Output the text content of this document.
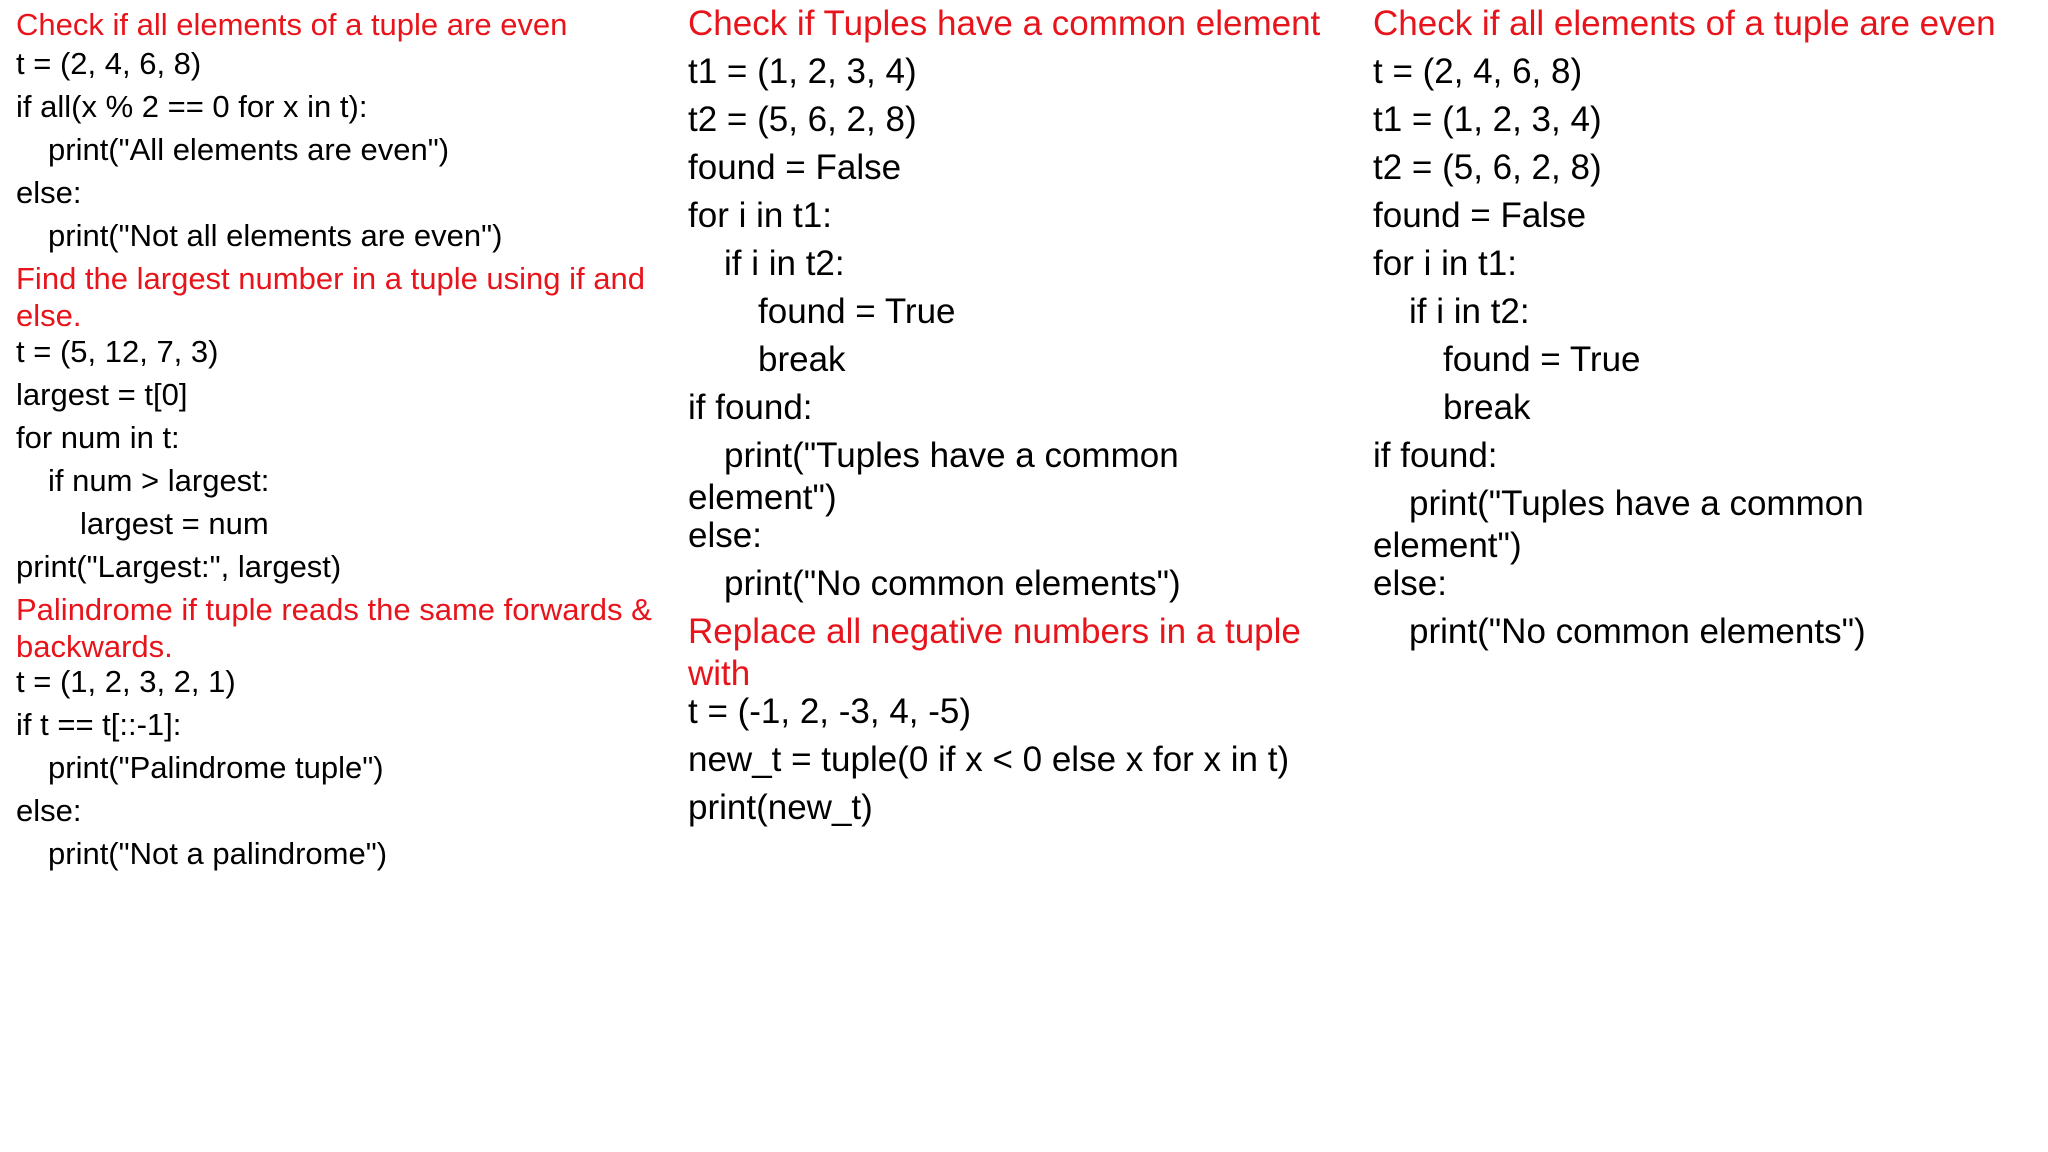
Check if all elements of a tuple are even
t = (2, 4, 6, 8)
if all(x % 2 == 0 for x in t):
print("All elements are even")
else:
print("Not all elements are even")
Find the largest number in a tuple using if and else.
t = (5, 12, 7, 3)
largest = t[0]
for num in t:
if num > largest:
largest = num
print("Largest:", largest)
Palindrome if tuple reads the same forwards & backwards.
t = (1, 2, 3, 2, 1)
if t == t[::-1]:
print("Palindrome tuple")
else:
print("Not a palindrome")
Check if Tuples have a common element
t1 = (1, 2, 3, 4)
t2 = (5, 6, 2, 8)
found = False
for i in t1:
if i in t2:
found = True
break
if found:
print("Tuples have a common element")
else:
print("No common elements")
Replace all negative numbers in a tuple with
t = (-1, 2, -3, 4, -5)
new_t = tuple(0 if x < 0 else x for x in t)
print(new_t)
Check if all elements of a tuple are even
t = (2, 4, 6, 8)
t1 = (1, 2, 3, 4)
t2 = (5, 6, 2, 8)
found = False
for i in t1:
if i in t2:
found = True
break
if found:
print("Tuples have a common element")
else:
print("No common elements")
